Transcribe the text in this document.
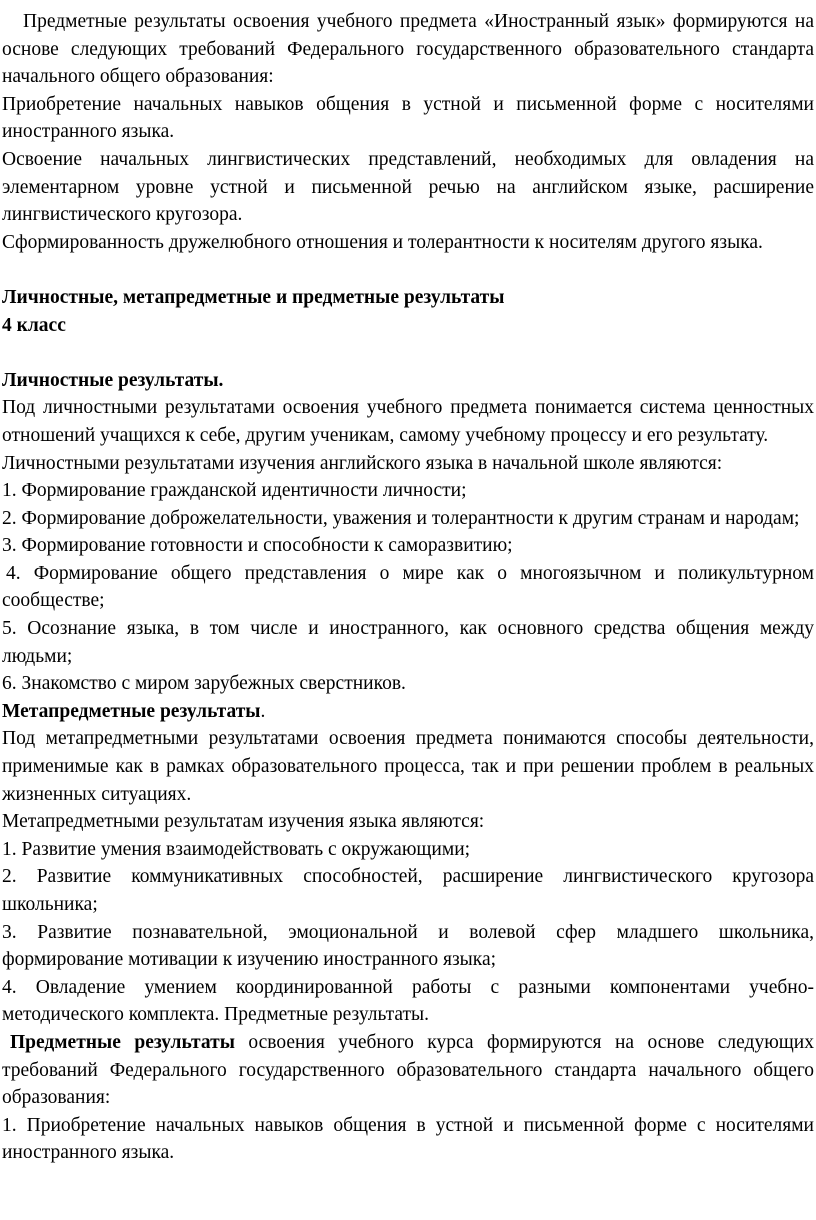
Предметные результаты освоения учебного предмета «Иностранный язык» формируются на основе следующих требований Федерального государственного образовательного стандарта начального общего образования:

Приобретение начальных навыков общения в устной и письменной форме с носителями иностранного языка.

Освоение начальных лингвистических представлений, необходимых для овладения на элементарном уровне устной и письменной речью на английском языке, расширение лингвистического кругозора.

Сформированность дружелюбного отношения и толерантности к носителям другого языка.

Личностные, метапредметные и предметные результаты

4 класс

Личностные результаты.

Под личностными результатами освоения учебного предмета понимается система ценностных отношений учащихся к себе, другим ученикам, самому учебному процессу и его результату.

Личностными результатами изучения английского языка в начальной школе являются:

1. Формирование гражданской идентичности личности;

2. Формирование доброжелательности, уважения и толерантности к другим странам и народам;

3. Формирование готовности и способности к саморазвитию;

4. Формирование общего представления о мире как о многоязычном и поликультурном сообществе;

5. Осознание языка, в том числе и иностранного, как основного средства общения между людьми;

6. Знакомство с миром зарубежных сверстников.

Метапредметные результаты.

Под метапредметными результатами освоения предмета понимаются способы деятельности, применимые как в рамках образовательного процесса, так и при решении проблем в реальных жизненных ситуациях.

Метапредметными результатам изучения языка являются:

1. Развитие умения взаимодействовать с окружающими;

2. Развитие коммуникативных способностей, расширение лингвистического кругозора школьника;

3. Развитие познавательной, эмоциональной и волевой сфер младшего школьника, формирование мотивации к изучению иностранного языка;

4. Овладение умением координированной работы с разными компонентами учебно-методического комплекта. Предметные результаты.

Предметные результаты освоения учебного курса формируются на основе следующих требований Федерального государственного образовательного стандарта начального общего образования:

1. Приобретение начальных навыков общения в устной и письменной форме с носителями иностранного языка.
